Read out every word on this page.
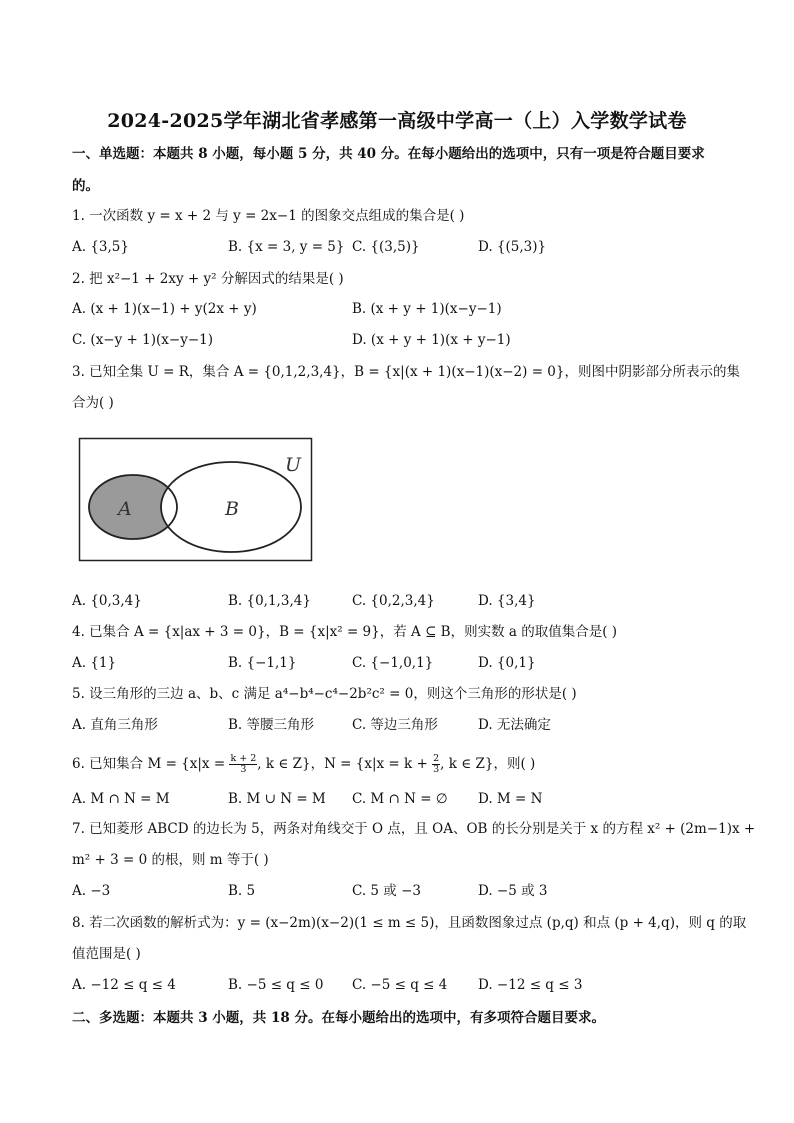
2024-2025学年湖北省孝感第一高级中学高一（上）入学数学试卷
一、单选题：本题共 8 小题，每小题 5 分，共 40 分。在每小题给出的选项中，只有一项是符合题目要求
的。
1. 一次函数 y = x + 2 与 y = 2x−1 的图象交点组成的集合是( )
A. {3,5}	B. {x = 3, y = 5} C. {(3,5)}	D. {(5,3)}
2. 把 x²−1 + 2xy + y² 分解因式的结果是( )
A. (x + 1)(x−1) + y(2x + y)	B. (x + y + 1)(x−y−1)
C. (x−y + 1)(x−y−1)	D. (x + y + 1)(x + y−1)
3. 已知全集 U = R，集合 A = {0,1,2,3,4}，B = {x|(x + 1)(x−1)(x−2) = 0}，则图中阴影部分所表示的集
合为( )
U
A	B
A. {0,3,4}	B. {0,1,3,4}	C. {0,2,3,4}	D. {3,4}
4. 已集合 A = {x|ax + 3 = 0}，B = {x|x² = 9}，若 A ⊆ B，则实数 a 的取值集合是( )
A. {1}	B. {−1,1}	C. {−1,0,1}	D. {0,1}
5. 设三角形的三边 a、b、c 满足 a⁴−b⁴−c⁴−2b²c² = 0，则这个三角形的形状是( )
A. 直角三角形	B. 等腰三角形	C. 等边三角形	D. 无法确定
6. 已知集合 $M = \{x|x = \frac{k + 2}{3}$ , k ∈ Z}，$N = \{x|x = k + \frac{2}{3}$ , k ∈ Z}，则( )
A. M ∩ N = M	B. M ∪ N = M C. M ∩ N = ∅ D. M = N
7. 已知菱形 ABCD 的边长为 5，两条对角线交于 O 点，且 OA、OB 的长分别是关于 x 的方程 x² + (2m−1)x +
m² + 3 = 0 的根，则 m 等于( )
A. −3	B. 5	C. 5 或 −3	D. −5 或 3
8. 若二次函数的解析式为：y = (x−2m)(x−2)(1 ≤ m ≤ 5)，且函数图象过点 (p,q) 和点 (p + 4,q)，则 q 的取
值范围是( )
A. −12 ≤ q ≤ 4	B. −5 ≤ q ≤ 0 C. −5 ≤ q ≤ 4 D. −12 ≤ q ≤ 3
二、多选题：本题共 3 小题，共 18 分。在每小题给出的选项中，有多项符合题目要求。
